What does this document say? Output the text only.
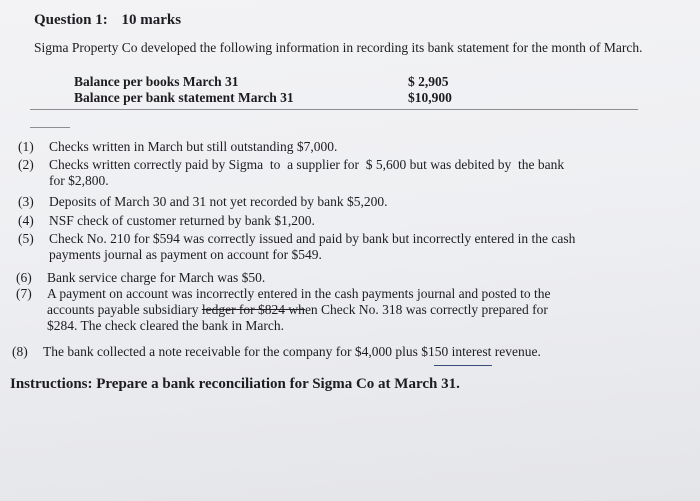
Question 1: 10 marks
Sigma Property Co developed the following information in recording its bank statement for the month of March.
Balance per books March 31	$ 2,905
Balance per bank statement March 31	$10,900
(1) Checks written in March but still outstanding $7,000.
(2) Checks written correctly paid by Sigma  to  a supplier for  $ 5,600 but was debited by  the bank
for $2,800.
(3) Deposits of March 30 and 31 not yet recorded by bank $5,200.
(4) NSF check of customer returned by bank $1,200.
(5) Check No. 210 for $594 was correctly issued and paid by bank but incorrectly entered in the cash
payments journal as payment on account for $549.
(6) Bank service charge for March was $50.
(7) A payment on account was incorrectly entered in the cash payments journal and posted to the
accounts payable subsidiary ledger for $824 when Check No. 318 was correctly prepared for
$284. The check cleared the bank in March.
(8) The bank collected a note receivable for the company for $4,000 plus $150 interest revenue.
Instructions: Prepare a bank reconciliation for Sigma Co at March 31.
